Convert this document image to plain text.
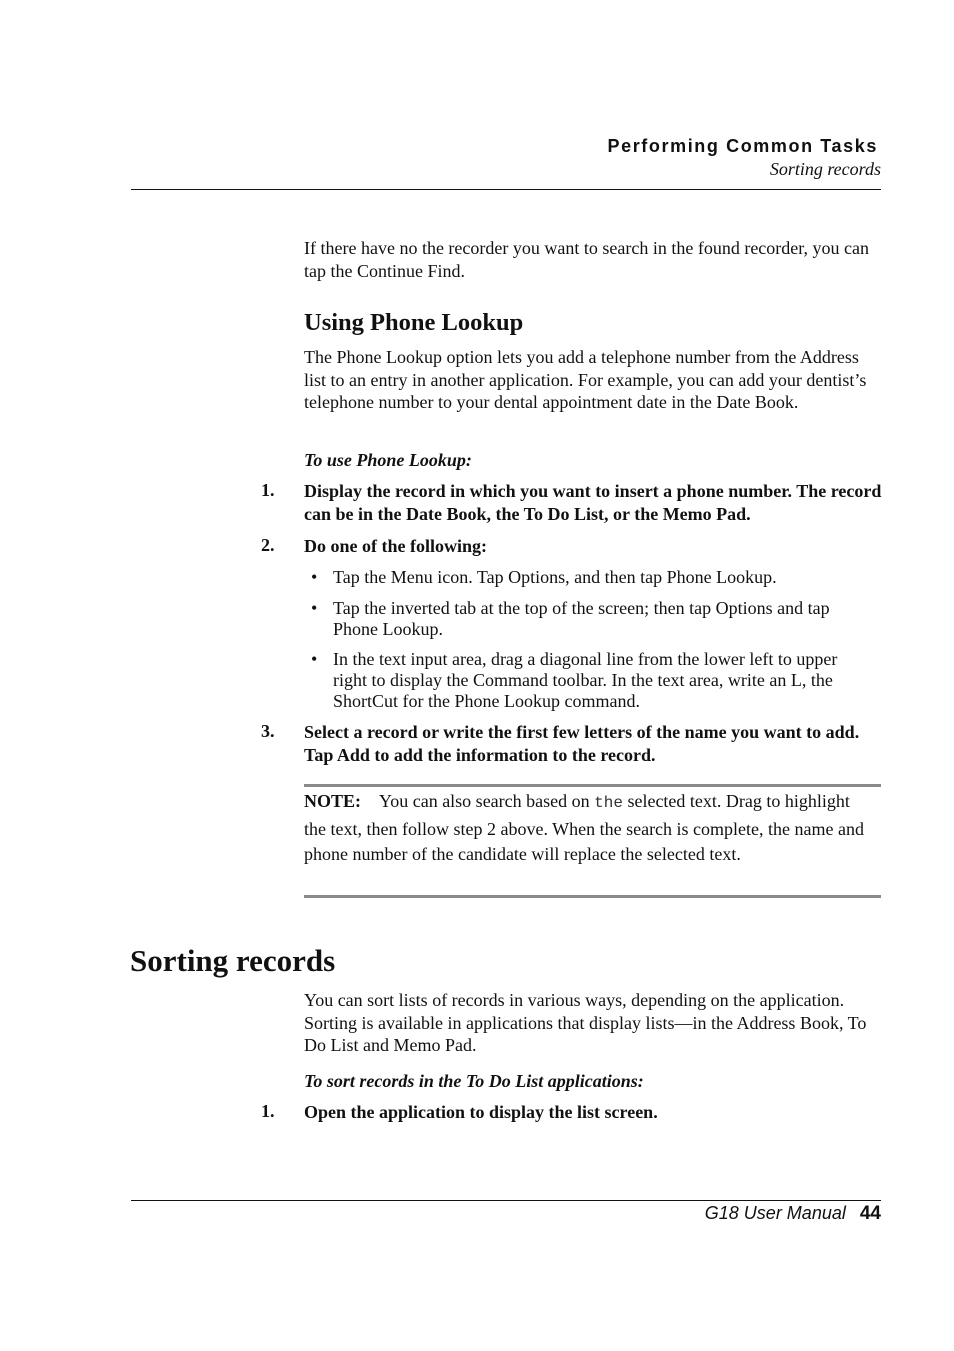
Performing Common Tasks
Sorting records
If there have no the recorder you want to search in the found recorder, you can tap the Continue Find.
Using Phone Lookup
The Phone Lookup option lets you add a telephone number from the Address list to an entry in another application. For example, you can add your dentist’s telephone number to your dental appointment date in the Date Book.
To use Phone Lookup:
1. Display the record in which you want to insert a phone number. The record can be in the Date Book, the To Do List, or the Memo Pad.
2. Do one of the following:
• Tap the Menu icon. Tap Options, and then tap Phone Lookup.
• Tap the inverted tab at the top of the screen; then tap Options and tap Phone Lookup.
• In the text input area, drag a diagonal line from the lower left to upper right to display the Command toolbar. In the text area, write an L, the ShortCut for the Phone Lookup command.
3. Select a record or write the first few letters of the name you want to add. Tap Add to add the information to the record.
NOTE: You can also search based on the selected text. Drag to highlight the text, then follow step 2 above. When the search is complete, the name and phone number of the candidate will replace the selected text.
Sorting records
You can sort lists of records in various ways, depending on the application. Sorting is available in applications that display lists—in the Address Book, To Do List and Memo Pad.
To sort records in the To Do List applications:
1. Open the application to display the list screen.
G18 User Manual 44
